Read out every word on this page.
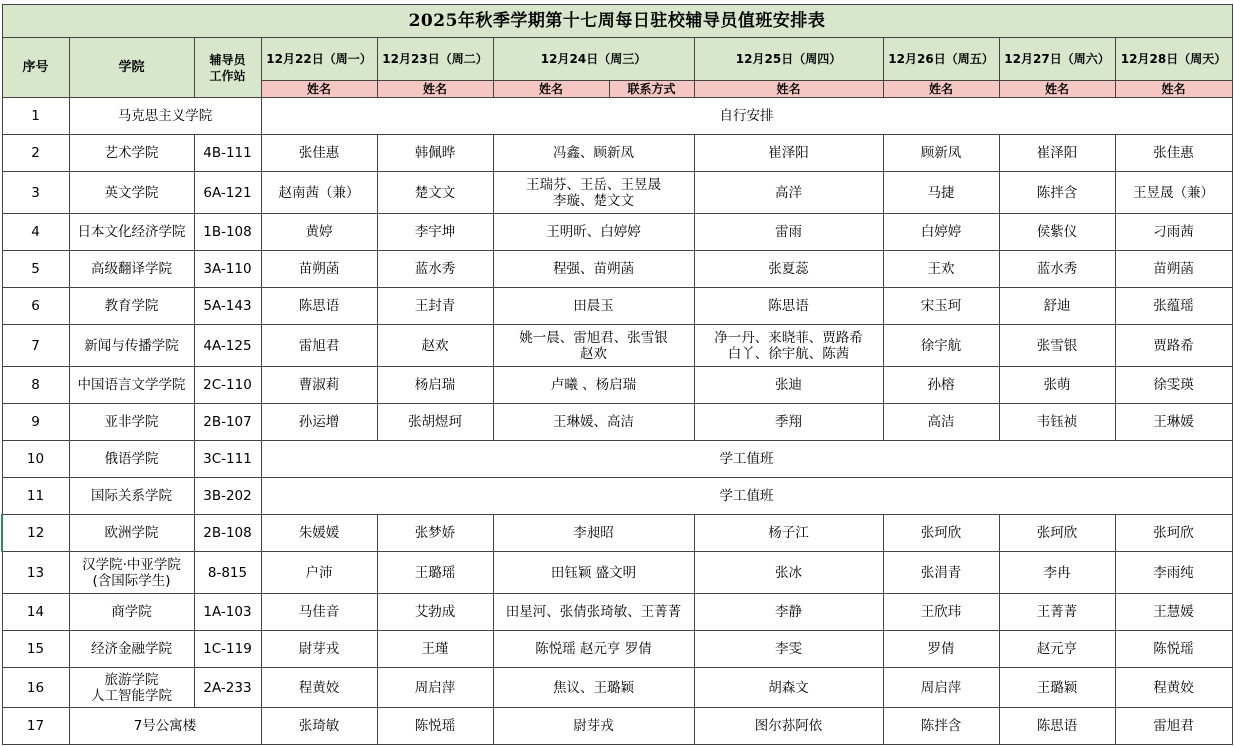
2025年秋季学期第十七周每日驻校辅导员值班安排表										
序号	学院	辅导员
工作站	12月22日（周一）	12月23日（周二）	12月24日（周三）		12月25日（周四）	12月26日（周五）	12月27日（周六）	12月28日（周天）
			姓名	姓名	姓名	联系方式	姓名	姓名	姓名	姓名
1	马克思主义学院		自行安排							
2	艺术学院	4B-111	张佳惠	韩佩晔	冯鑫、顾新凤		崔泽阳	顾新凤	崔泽阳	张佳惠
3	英文学院	6A-121	赵南茜（兼）	楚文文	王瑞芬、王岳、王昱晟
李璇、楚文文		高洋	马捷	陈拌含	王昱晟（兼）
4	日本文化经济学院	1B-108	黄婷	李宇坤	王明昕、白婷婷		雷雨	白婷婷	侯紫仪	刁雨茜
5	高级翻译学院	3A-110	苗朔菡	蓝水秀	程强、苗朔菡		张夏蕊	王欢	蓝水秀	苗朔菡
6	教育学院	5A-143	陈思语	王封青	田晨玉		陈思语	宋玉珂	舒迪	张蕴瑶
7	新闻与传播学院	4A-125	雷旭君	赵欢	姚一晨、雷旭君、张雪银
赵欢		净一丹、来晓菲、贾路希
白丫、徐宇航、陈茜	徐宇航	张雪银	贾路希
8	中国语言文学学院	2C-110	曹淑莉	杨启瑞	卢曦 、杨启瑞		张迪	孙榕	张萌	徐雯瑛
9	亚非学院	2B-107	孙运增	张胡煜珂	王琳媛、高洁		季翔	高洁	韦钰祯	王琳媛
10	俄语学院	3C-111	学工值班							
11	国际关系学院	3B-202	学工值班							
12	欧洲学院	2B-108	朱媛媛	张梦娇	李昶昭		杨子江	张珂欣	张珂欣	张珂欣
13	汉学院·中亚学院
(含国际学生)	8-815	户沛	王璐瑶	田钰颖 盛文明		张冰	张涓青	李冉	李雨纯
14	商学院	1A-103	马佳音	艾勃成	田星河、张倩张琦敏、王菁菁		李静	王欣玮	王菁菁	王慧媛
15	经济金融学院	1C-119	尉芽戎	王瑾	陈悦瑶 赵元亨 罗倩		李雯	罗倩	赵元亨	陈悦瑶
16	旅游学院
人工智能学院	2A-233	程黄姣	周启萍	焦议、王璐颖		胡森文	周启萍	王璐颖	程黄姣
17	7号公寓楼		张琦敏	陈悦瑶	尉芽戎		图尔荪阿依	陈拌含	陈思语	雷旭君
